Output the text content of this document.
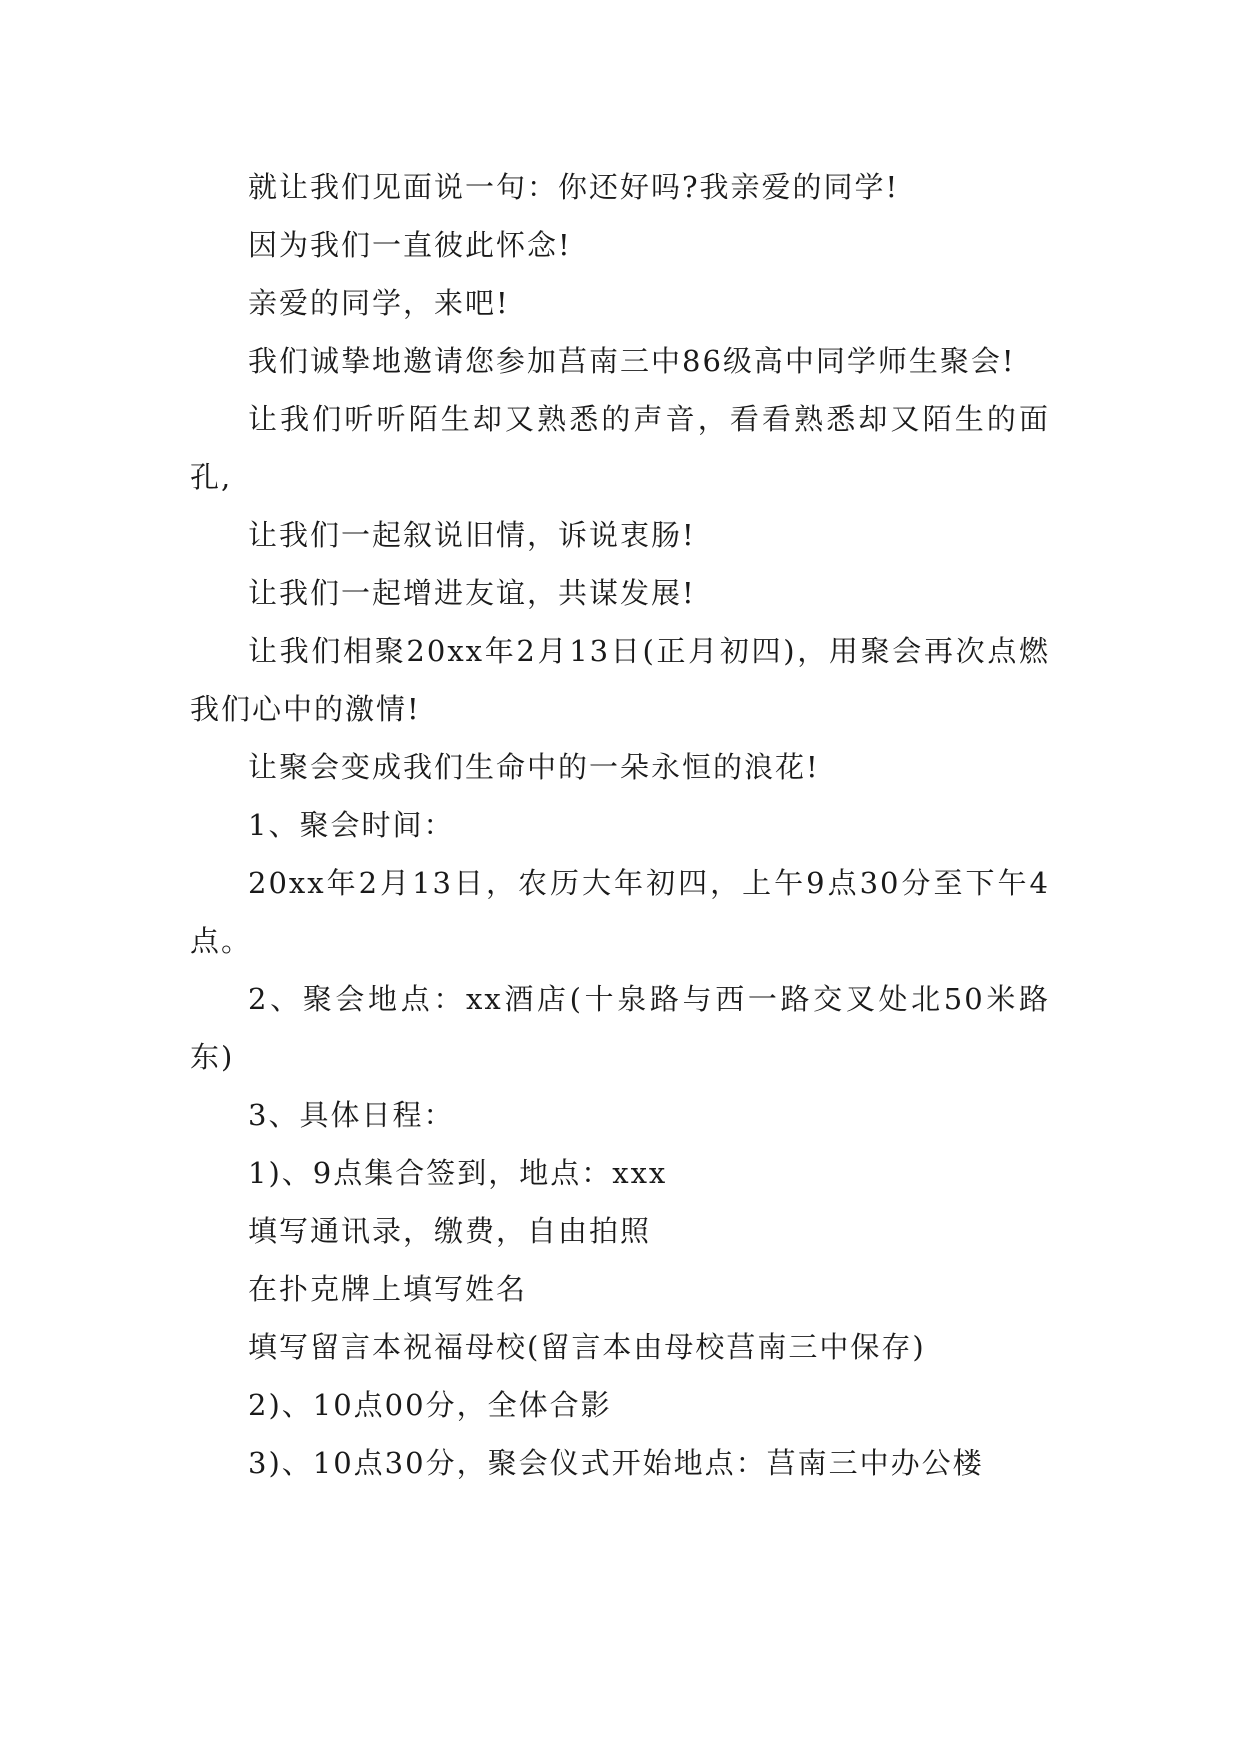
就让我们见面说一句：你还好吗?我亲爱的同学!

因为我们一直彼此怀念!

亲爱的同学，来吧!

我们诚挚地邀请您参加莒南三中86级高中同学师生聚会!

让我们听听陌生却又熟悉的声音，看看熟悉却又陌生的面孔,

让我们一起叙说旧情，诉说衷肠!

让我们一起增进友谊，共谋发展!

让我们相聚20xx年2月13日(正月初四)，用聚会再次点燃我们心中的激情!

让聚会变成我们生命中的一朵永恒的浪花!

1、聚会时间：

20xx年2月13日，农历大年初四，上午9点30分至下午4点。

2、聚会地点：xx酒店(十泉路与西一路交叉处北50米路东)

3、具体日程：

1)、9点集合签到，地点：xxx

填写通讯录，缴费，自由拍照

在扑克牌上填写姓名

填写留言本祝福母校(留言本由母校莒南三中保存)

2)、10点00分，全体合影

3)、10点30分，聚会仪式开始地点：莒南三中办公楼
